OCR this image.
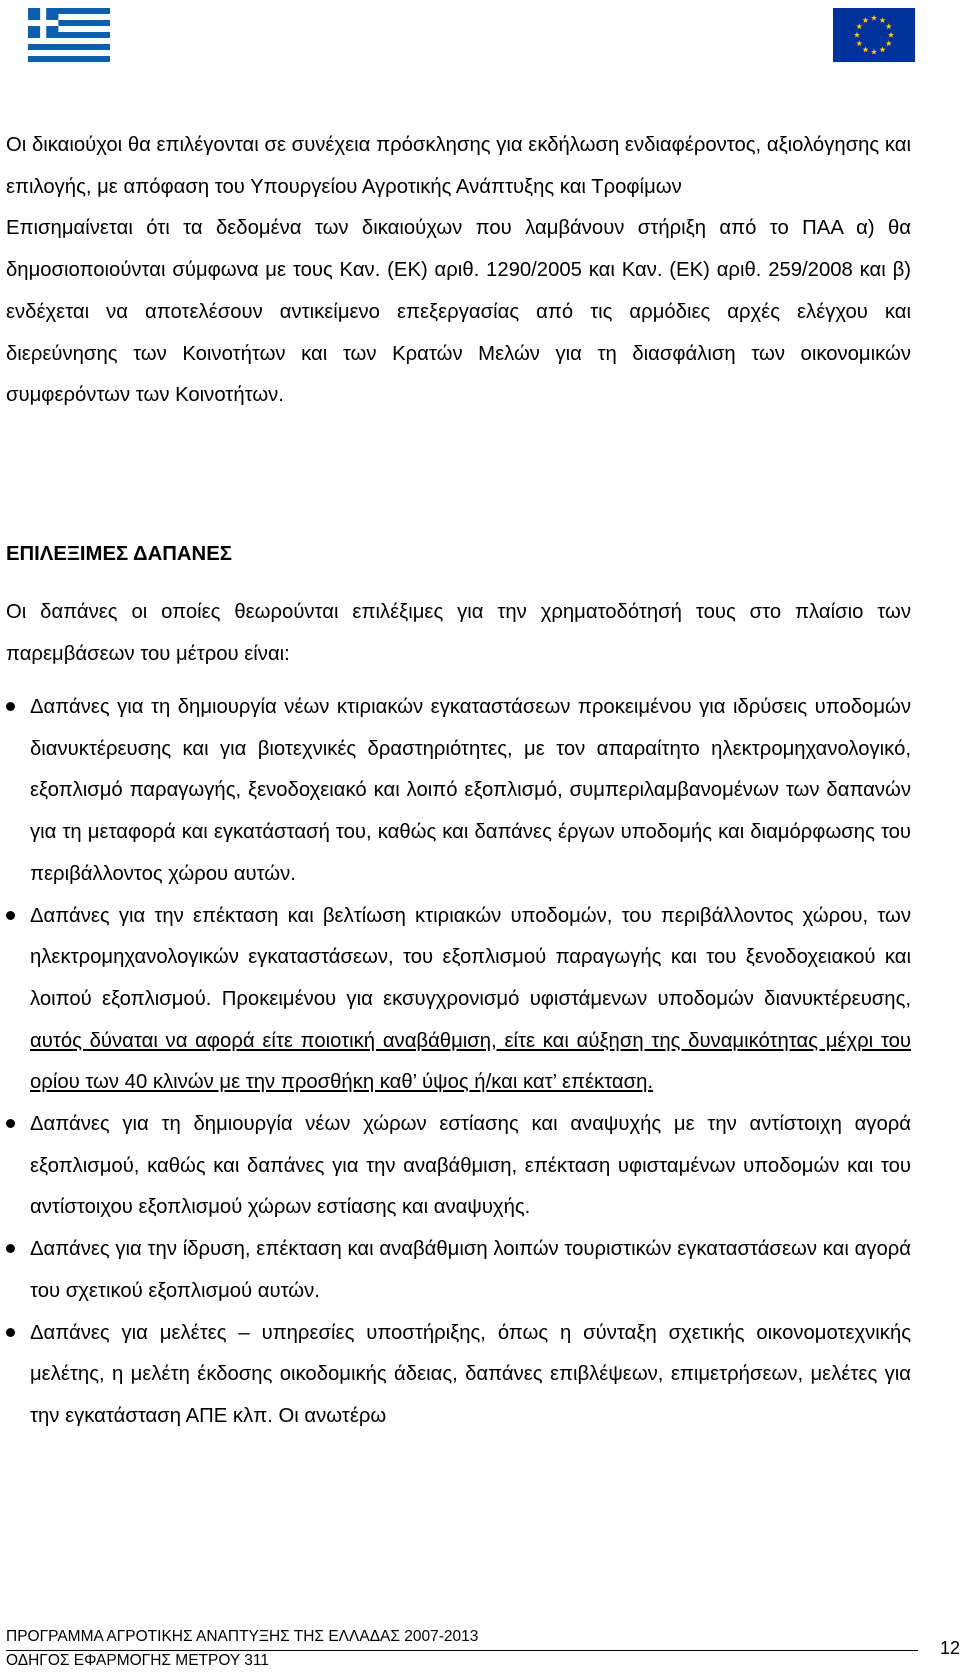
Οι δικαιούχοι θα επιλέγονται σε συνέχεια πρόσκλησης για εκδήλωση ενδιαφέροντος, αξιολόγησης και επιλογής, με απόφαση του Υπουργείου Αγροτικής Ανάπτυξης και Τροφίμων

Επισημαίνεται ότι τα δεδομένα των δικαιούχων που λαμβάνουν στήριξη από το ΠΑΑ α) θα δημοσιοποιούνται σύμφωνα με τους Καν. (ΕΚ) αριθ. 1290/2005 και Καν. (ΕΚ) αριθ. 259/2008 και β) ενδέχεται να αποτελέσουν αντικείμενο επεξεργασίας από τις αρμόδιες αρχές ελέγχου και διερεύνησης των Κοινοτήτων και των Κρατών Μελών για τη διασφάλιση των οικονομικών συμφερόντων των Κοινοτήτων.

ΕΠΙΛΕΞΙΜΕΣ ΔΑΠΑΝΕΣ
Οι δαπάνες οι οποίες θεωρούνται επιλέξιμες για την χρηματοδότησή τους στο πλαίσιο των παρεμβάσεων του μέτρου είναι:
Δαπάνες για τη δημιουργία νέων κτιριακών εγκαταστάσεων προκειμένου για ιδρύσεις υποδομών διανυκτέρευσης και για βιοτεχνικές δραστηριότητες, με τον απαραίτητο ηλεκτρομηχανολογικό, εξοπλισμό παραγωγής, ξενοδοχειακό και λοιπό εξοπλισμό, συμπεριλαμβανομένων των δαπανών για τη μεταφορά και εγκατάστασή του, καθώς και δαπάνες έργων υποδομής και διαμόρφωσης του περιβάλλοντος χώρου αυτών.
Δαπάνες για την επέκταση και βελτίωση κτιριακών υποδομών, του περιβάλλοντος χώρου, των ηλεκτρομηχανολογικών εγκαταστάσεων, του εξοπλισμού παραγωγής και του ξενοδοχειακού και λοιπού εξοπλισμού. Προκειμένου για εκσυγχρονισμό υφιστάμενων υποδομών διανυκτέρευσης, αυτός δύναται να αφορά είτε ποιοτική αναβάθμιση, είτε και αύξηση της δυναμικότητας μέχρι του ορίου των 40 κλινών με την προσθήκη καθ’ ύψος ή/και κατ’ επέκταση.
Δαπάνες για τη δημιουργία νέων χώρων εστίασης και αναψυχής με την αντίστοιχη αγορά εξοπλισμού, καθώς και δαπάνες για την αναβάθμιση, επέκταση υφισταμένων υποδομών και του αντίστοιχου εξοπλισμού χώρων εστίασης και αναψυχής.
Δαπάνες για την ίδρυση, επέκταση και αναβάθμιση λοιπών τουριστικών εγκαταστάσεων και αγορά του σχετικού εξοπλισμού αυτών.
Δαπάνες για μελέτες – υπηρεσίες υποστήριξης, όπως η σύνταξη σχετικής οικονομοτεχνικής μελέτης, η μελέτη έκδοσης οικοδομικής άδειας, δαπάνες επιβλέψεων, επιμετρήσεων, μελέτες για την εγκατάσταση ΑΠΕ κλπ. Οι ανωτέρω
ΠΡΟΓΡΑΜΜΑ ΑΓΡΟΤΙΚΗΣ ΑΝΑΠΤΥΞΗΣ ΤΗΣ ΕΛΛΑΔΑΣ 2007-2013
ΟΔΗΓΟΣ ΕΦΑΡΜΟΓΗΣ ΜΕΤΡΟΥ 311
12
